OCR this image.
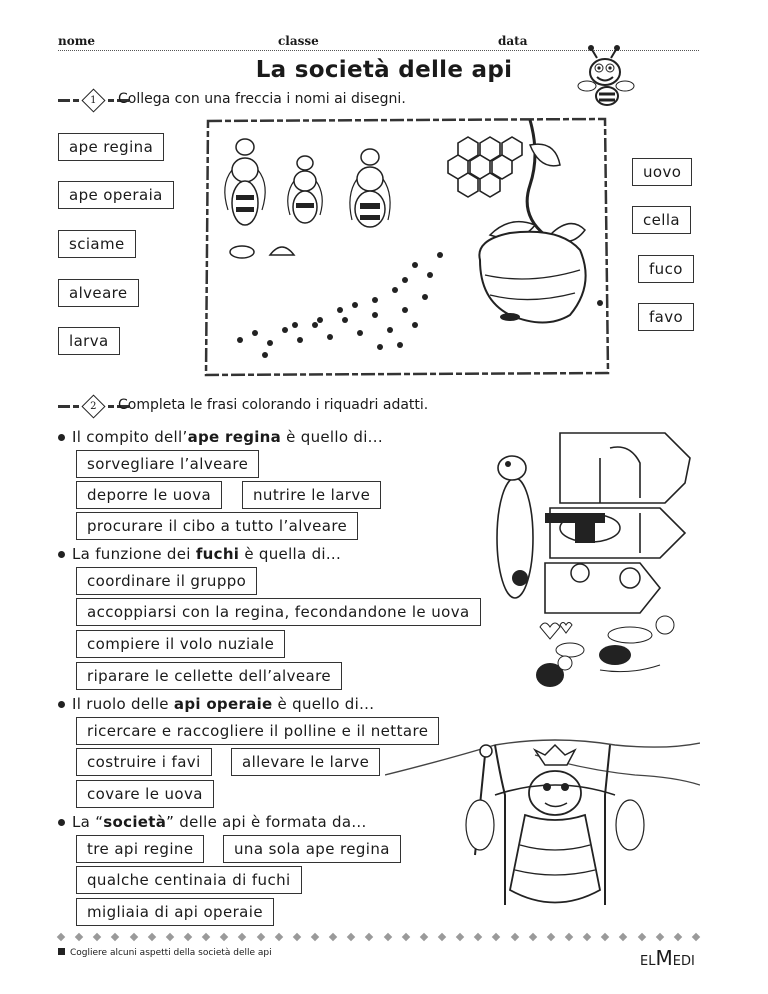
nome	classe	data
La società delle api
1 Collega con una freccia i nomi ai disegni.
ape regina
ape operaia
sciame
alveare
larva
uovo
cella
fuco
favo
2 Completa le frasi colorando i riquadri adatti.
Il compito dell’ape regina è quello di...
sorvegliare l’alveare
deporre le uova	nutrire le larve
procurare il cibo a tutto l’alveare
La funzione dei fuchi è quella di...
coordinare il gruppo
accoppiarsi con la regina, fecondandone le uova
compiere il volo nuziale
riparare le cellette dell’alveare
Il ruolo delle api operaie è quello di...
ricercare e raccogliere il polline e il nettare
costruire i favi	allevare le larve
covare le uova
La “società” delle api è formata da...
tre api regine	una sola ape regina
qualche centinaia di fuchi
migliaia di api operaie
Cogliere alcuni aspetti della società delle api
ELMEDI
